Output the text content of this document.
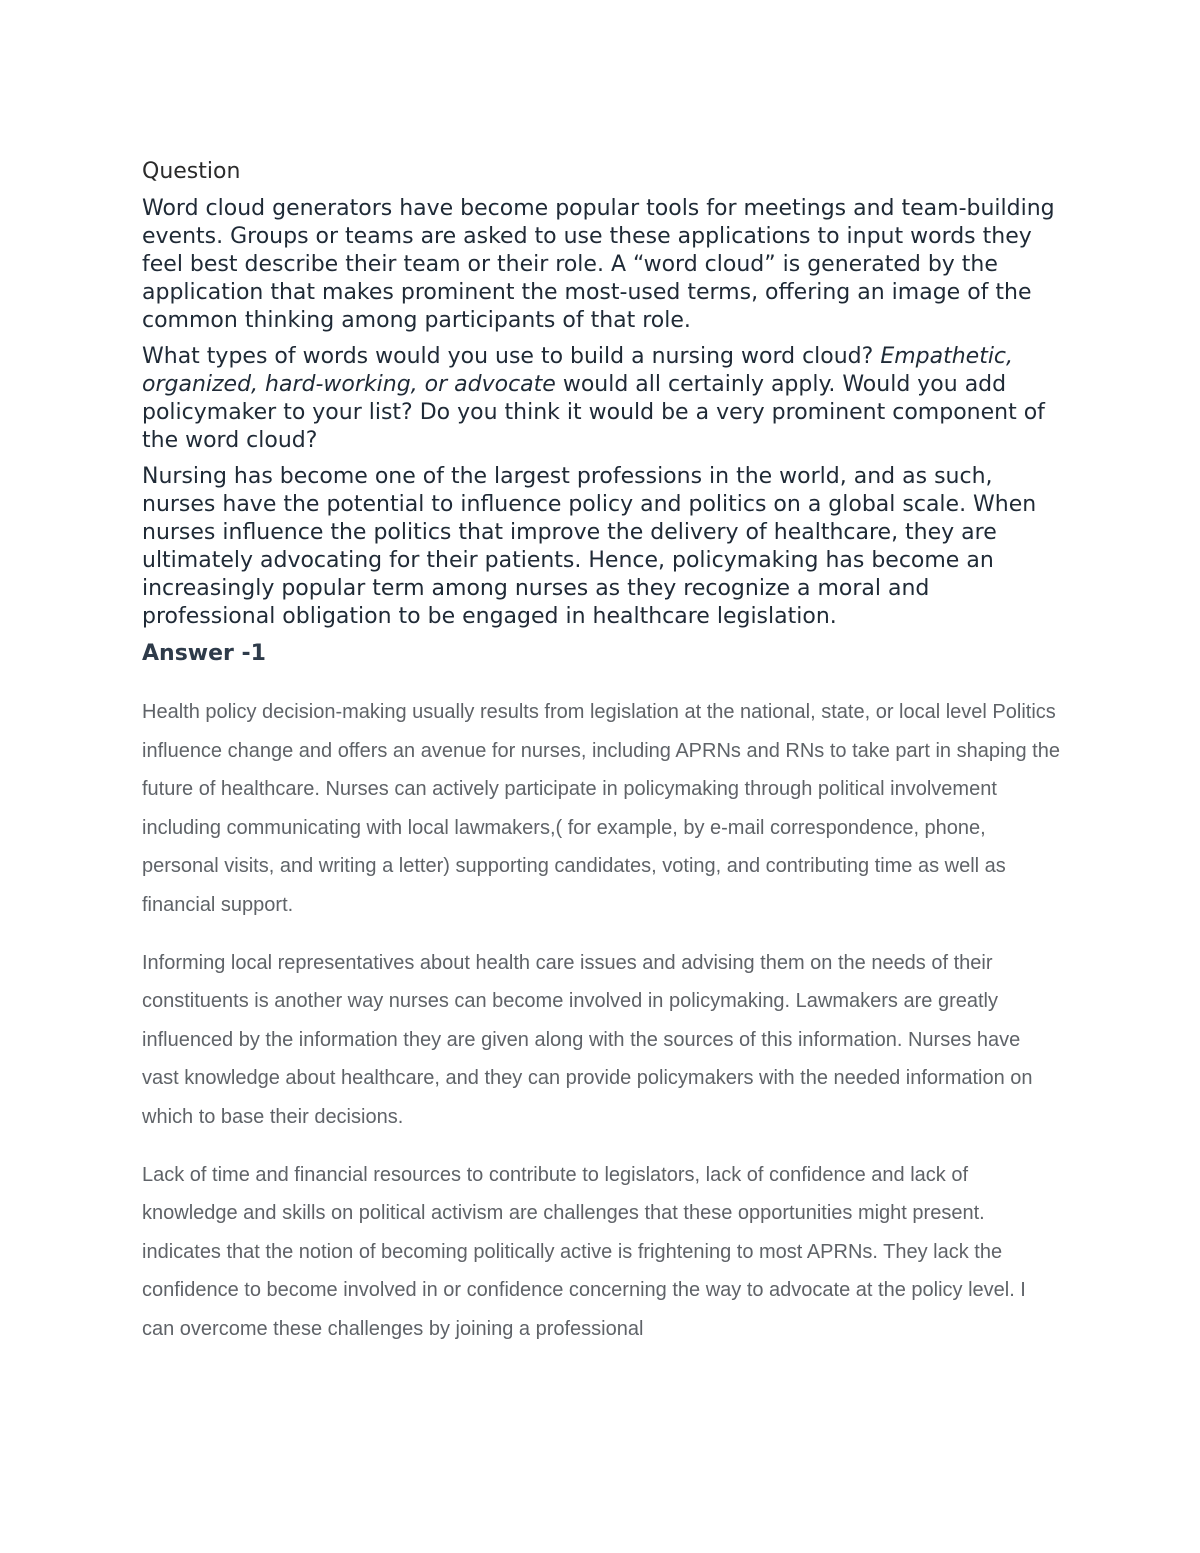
Question

Word cloud generators have become popular tools for meetings and team-building events. Groups or teams are asked to use these applications to input words they feel best describe their team or their role. A “word cloud” is generated by the application that makes prominent the most-used terms, offering an image of the common thinking among participants of that role.

What types of words would you use to build a nursing word cloud? Empathetic, organized, hard-working, or advocate would all certainly apply. Would you add policymaker to your list? Do you think it would be a very prominent component of the word cloud?

Nursing has become one of the largest professions in the world, and as such, nurses have the potential to influence policy and politics on a global scale. When nurses influence the politics that improve the delivery of healthcare, they are ultimately advocating for their patients. Hence, policymaking has become an increasingly popular term among nurses as they recognize a moral and professional obligation to be engaged in healthcare legislation.

Answer -1

Health policy decision-making usually results from legislation at the national, state, or local level Politics influence change and offers an avenue for nurses, including APRNs and RNs to take part in shaping the future of healthcare. Nurses can actively participate in policymaking through political involvement including communicating with local lawmakers,( for example, by e-mail correspondence, phone, personal visits, and writing a letter) supporting candidates, voting, and contributing time as well as financial support.

Informing local representatives about health care issues and advising them on the needs of their constituents is another way nurses can become involved in policymaking. Lawmakers are greatly influenced by the information they are given along with the sources of this information. Nurses have vast knowledge about healthcare, and they can provide policymakers with the needed information on which to base their decisions.

Lack of time and financial resources to contribute to legislators, lack of confidence and lack of knowledge and skills on political activism are challenges that these opportunities might present. indicates that the notion of becoming politically active is frightening to most APRNs. They lack the confidence to become involved in or confidence concerning the way to advocate at the policy level. I can overcome these challenges by joining a professional
